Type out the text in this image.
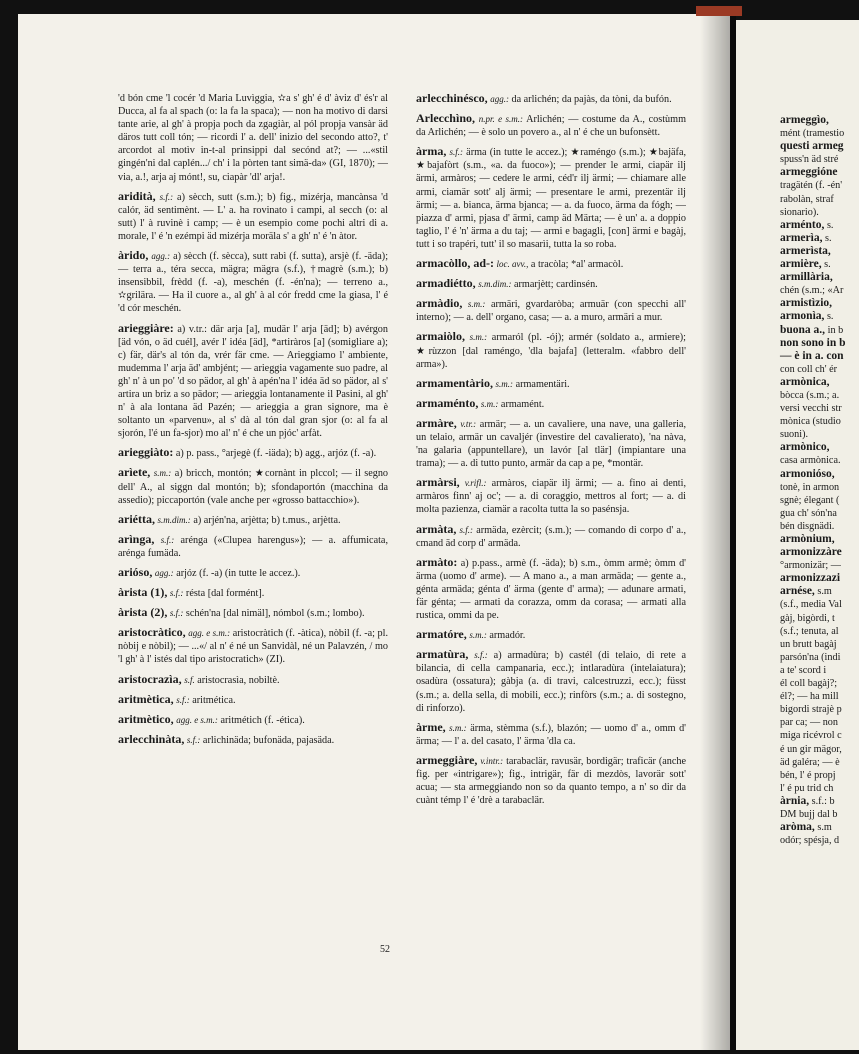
armeggìo,
mént (tramestio
questi armeg
spuss'n äd stré
armeggióne
tragätén (f. -én'
rabolàn, straf
sionario).
arménto, s.
armerìa, s.
armerìsta,
armière, s.
armillària,
chén (s.m.; «Ar
armistìzio,
armonìa, s.
buona a., in b
non sono in b
— è in a. con
con coll ch' ér
armònica,
bòcca (s.m.; a.
versi vecchi str
mònica (studio
suoni).
armònico,
casa armònica.
armonióso,
tonè, in armon
sgnè; élegant (
gua ch' són'na
bén disgnädi.
armònium,
armonizzàre
°armonizär; —
armonizzazi
arnése, s.m
(s.f., media Val
gàj, bigòrdi, t
(s.f.; tenuta, al
un brutt bagàj
parsón'na (indi
a te' scord i
él coll bagàj?;
él?; — ha mill
bigordi strajè p
par ca; — non
miga ricévrol c
é un gir mägor,
äd galéra; — è
bén, l' é propj
l' é pu trid ch
àrnia, s.f.: b
DM bujj dal b
aròma, s.m
odór; spésja, d

'd bón cme 'l cocér 'd Maria Luvìggia, ✫a s' gh' é d' àviz d' és'r al Ducca, al fa al spach (o: la fa la spaca); — non ha motivo di darsi tante arie, al gh' à propja poch da zgagiàr, al pól propja vansàr äd däros tutt coll tón; — ricordi l' a. dell' inizio del secondo atto?, t' arcordot al motìv in-t-al prinsippi dal secónd at?; — ...«stil gingén'ni dal caplén.../ ch' i la pòrten tant simä-da» (GI, 1870); — via, a.!, arja aj mónt!, su, ciapàr 'dl' arja!.

aridità, s.f.: a) sècch, sutt (s.m.); b) fig., mizérja, mancànsa 'd calór, äd sentimènt. — L' a. ha rovinato i campi, al secch (o: al sutt) l' à ruvinè i camp; — è un esempio come pochi altri di a. morale, l' é 'n ezémpi äd mizérja moräla s' a gh' n' é 'n àtor.

àrido, agg.: a) sècch (f. sècca), sutt rabì (f. sutta), arsjè (f. -äda); — terra a., téra secca, mägra; mägra (s.f.), †magrè (s.m.); b) insensibbil, frèdd (f. -a), meschén (f. -én'na); — terreno a., ✫grilära. — Ha il cuore a., al gh' à al cór fredd cme la giasa, l' é 'd cór meschén.

arieggiàre: a) v.tr.: där arja [a], mudär l' arja [äd]; b) avérgon [äd vón, o äd cuél], avér l' idéa [äd], *artiràros [a] (somigliare a); c) fär, där's al tón da, vrér fär cme. — Arieggiamo l' ambiente, mudemma l' arja äd' ambjént; — arieggia vagamente suo padre, al gh' n' à un po' 'd so pädor, al gh' à apén'na l' idéa äd so pädor, al s' artira un briz a so pädor; — arieggia lontanamente il Pasini, al gh' n' à ala lontana äd Pazén; — arieggia a gran signore, ma è soltanto un «parvenu», al s' dà al tón dal gran sjor (o: al fa al sjorón, l'é un fa-sjor) mo al' n' é che un pjóc' arfàt.

arieggiàto: a) p. pass., °arjegè (f. -iäda); b) agg., arjóz (f. -a).

arìete, s.m.: a) bricch, montón; ★cornànt in plccol; — il segno dell' A., al siggn dal montón; b); sfondaportón (macchina da assedio); piccaportón (vale anche per «grosso battacchio»).

ariétta, s.m.dim.: a) arjén'na, arjètta; b) t.mus., arjètta.

arìnga, s.f.: arénga («Clupea harengus»); — a. affumicata, arénga fumäda.

arióso, agg.: arjóz (f. -a) (in tutte le accez.).

àrista (1), s.f.: résta [dal formént].

àrista (2), s.f.: schén'na [dal nimäl], nómbol (s.m.; lombo).

aristocràtico, agg. e s.m.: aristocràtich (f. -àtica), nòbil (f. -a; pl. nòbij e nòbil); — ...«/ al n' é né un Sanvidàl, né un Palavzén, / mo 'l gh' à l' istés dal tipo aristocratich» (ZI).

aristocrazìa, s.f. aristocrasìa, nobiltè.

aritmètica, s.f.: aritmética.

aritmètico, agg. e s.m.: aritmétich (f. -ética).

arlecchinàta, s.f.: arlichinäda; bufonäda, pajasäda.

arlecchinésco, agg.: da arlichén; da pajàs, da tòni, da bufón.

Arlecchìno, n.pr. e s.m.: Arlichén; — costume da A., costùmm da Arlichén; — è solo un povero a., al n' é che un bufonsètt.

àrma, s.f.: ärma (in tutte le accez.); ★raméngo (s.m.); ★bajäfa, ★bajafòrt (s.m., «a. da fuoco»); — prender le armi, ciapär ilj ärmi, armàros; — cedere le armi, céd'r ilj ärmi; — chiamare alle armi, ciamär sott' alj ärmi; — presentare le armi, prezentär ilj ärmi; — a. bianca, ärma bjanca; — a. da fuoco, ärma da fógh; — piazza d' armi, pjasa d' ärmi, camp äd Märta; — è un' a. a doppio taglio, l' é 'n' ärma a du taj; — armi e bagagli, [con] ärmi e bagàj, tutt i so trapéri, tutt' il so masarìi, tutta la so roba.

armacòllo, ad-: loc. avv., a tracòla; *al' armacòl.

armadiétto, s.m.dim.: armarjètt; cardinsén.

armàdio, s.m.: armäri, gvardaròba; armuär (con specchi all' interno); — a. dell' organo, casa; — a. a muro, armäri a mur.

armaiòlo, s.m.: armaról (pl. -ój); armér (soldato a., armiere); ★rùzzon [dal raméngo, 'dla bajafa] (letteralm. «fabbro dell' arma»).

armamentàrio, s.m.: armamentäri.

armaménto, s.m.: armamént.

armàre, v.tr.: armär; — a. un cavaliere, una nave, una galleria, un telaio, armär un cavaljér (investire del cavalierato), 'na nàva, 'na galarìa (appuntellare), un lavór [al tlär] (impiantare una trama); — a. di tutto punto, armär da cap a pe, *montär.

armàrsi, v.rifl.: armàros, ciapär ilj ärmi; — a. fino ai denti, armàros finn' aj oc'; — a. di coraggio, mettros al fort; — a. di molta pazienza, ciamär a racolta tutta la so pasénsja.

armàta, s.f.: armäda, ezèrcit; (s.m.); — comando di corpo d' a., cmand äd corp d' armäda.

armàto: a) p.pass., armè (f. -äda); b) s.m., òmm armè; òmm d' ärma (uomo d' arme). — A mano a., a man armäda; — gente a., génta armäda; génta d' ärma (gente d' arma); — adunare armati, fär génta; — armati da corazza, omm da corasa; — armati alla rustica, ommi da pe.

armatóre, s.m.: armadór.

armatùra, s.f.: a) armadùra; b) castél (di telaio, di rete a bilancia, di cella campanaria, ecc.); intlaradùra (intelaiatura); osadùra (ossatura); gàbja (a. di travi, calcestruzzi, ecc.); füsst (s.m.; a. della sella, di mobili, ecc.); rinfòrs (s.m.; a. di sostegno, di rinforzo).

àrme, s.m.: ärma, stèmma (s.f.), blazón; — uomo d' a., omm d' ärma; — l' a. del casato, l' ärma 'dla ca.

armeggiàre, v.intr.: tarabaclär, ravusär, bordigär; traficär (anche fig. per «intrigare»); fig., intrigär, fär di mezdòs, lavorär sott' acua; — sta armeggiando non so da quanto tempo, a n' so dir da cuànt témp l' é 'drè a tarabaclär.

52
